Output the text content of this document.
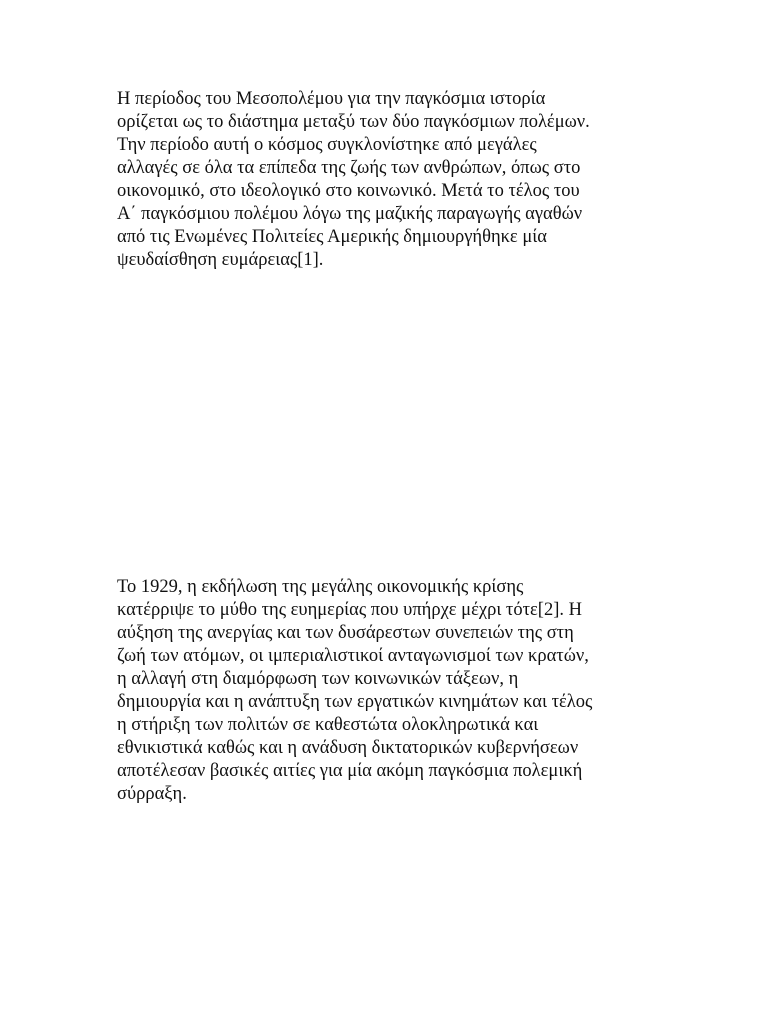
Η περίοδος του Μεσοπολέμου για την παγκόσμια ιστορία
ορίζεται ως το διάστημα μεταξύ των δύο παγκόσμιων πολέμων.
Την περίοδο αυτή ο κόσμος συγκλονίστηκε από μεγάλες
αλλαγές σε όλα τα επίπεδα της ζωής των ανθρώπων, όπως στο
οικονομικό, στο ιδεολογικό στο κοινωνικό. Μετά το τέλος του
Α΄ παγκόσμιου πολέμου λόγω της μαζικής παραγωγής αγαθών
από τις Ενωμένες Πολιτείες Αμερικής δημιουργήθηκε μία
ψευδαίσθηση ευμάρειας[1].

Το 1929, η εκδήλωση της μεγάλης οικονομικής κρίσης
κατέρριψε το μύθο της ευημερίας που υπήρχε μέχρι τότε[2]. Η
αύξηση της ανεργίας και των δυσάρεστων συνεπειών της στη
ζωή των ατόμων, οι ιμπεριαλιστικοί ανταγωνισμοί των κρατών,
η αλλαγή στη διαμόρφωση των κοινωνικών τάξεων, η
δημιουργία και η ανάπτυξη των εργατικών κινημάτων και τέλος
η στήριξη των πολιτών σε καθεστώτα ολοκληρωτικά και
εθνικιστικά καθώς και η ανάδυση δικτατορικών κυβερνήσεων
αποτέλεσαν βασικές αιτίες για μία ακόμη παγκόσμια πολεμική
σύρραξη.
